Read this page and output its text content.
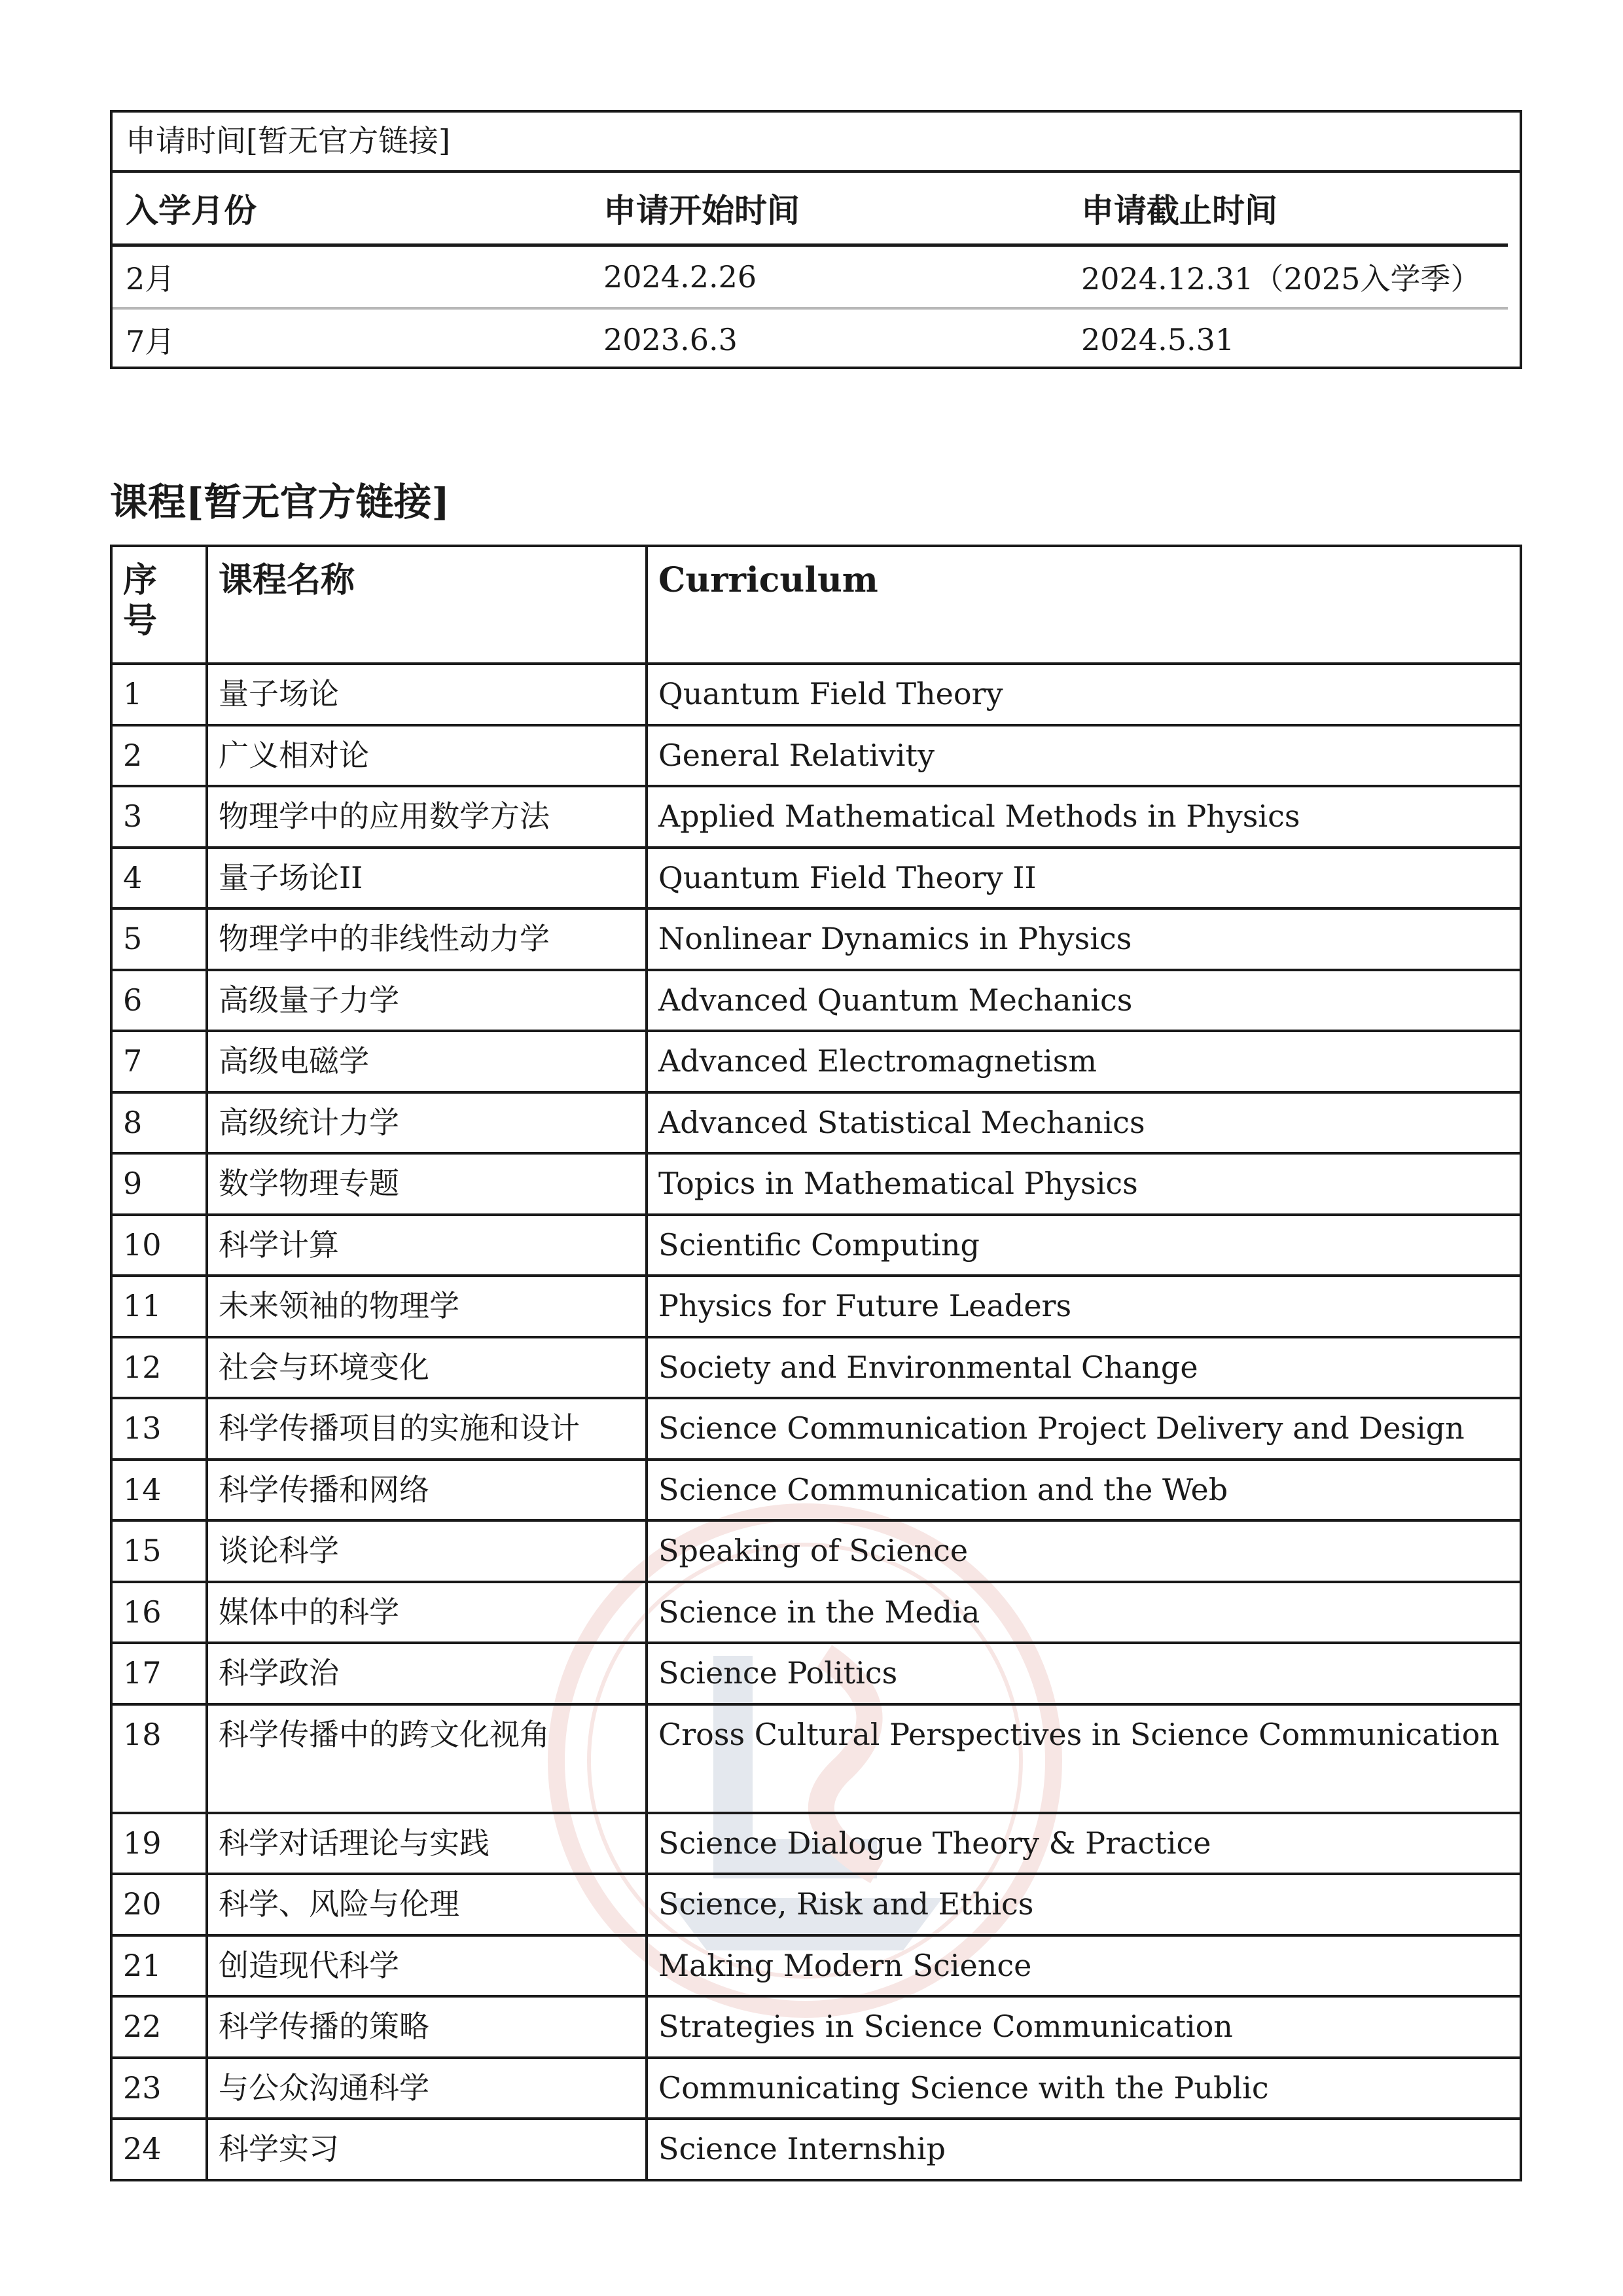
申请时间[暂无官方链接]
入学月份	申请开始时间	申请截止时间
2月	2024.2.26	2024.12.31（2025入学季）
7月	2023.6.3	2024.5.31
课程[暂无官方链接]
序号	课程名称	Curriculum
1	量子场论	Quantum Field Theory
2	广义相对论	General Relativity
3	物理学中的应用数学方法	Applied Mathematical Methods in Physics
4	量子场论II	Quantum Field Theory II
5	物理学中的非线性动力学	Nonlinear Dynamics in Physics
6	高级量子力学	Advanced Quantum Mechanics
7	高级电磁学	Advanced Electromagnetism
8	高级统计力学	Advanced Statistical Mechanics
9	数学物理专题	Topics in Mathematical Physics
10	科学计算	Scientific Computing
11	未来领袖的物理学	Physics for Future Leaders
12	社会与环境变化	Society and Environmental Change
13	科学传播项目的实施和设计	Science Communication Project Delivery and Design
14	科学传播和网络	Science Communication and the Web
15	谈论科学	Speaking of Science
16	媒体中的科学	Science in the Media
17	科学政治	Science Politics
18	科学传播中的跨文化视角	Cross Cultural Perspectives in Science Communication
19	科学对话理论与实践	Science Dialogue Theory & Practice
20	科学、风险与伦理	Science, Risk and Ethics
21	创造现代科学	Making Modern Science
22	科学传播的策略	Strategies in Science Communication
23	与公众沟通科学	Communicating Science with the Public
24	科学实习	Science Internship
